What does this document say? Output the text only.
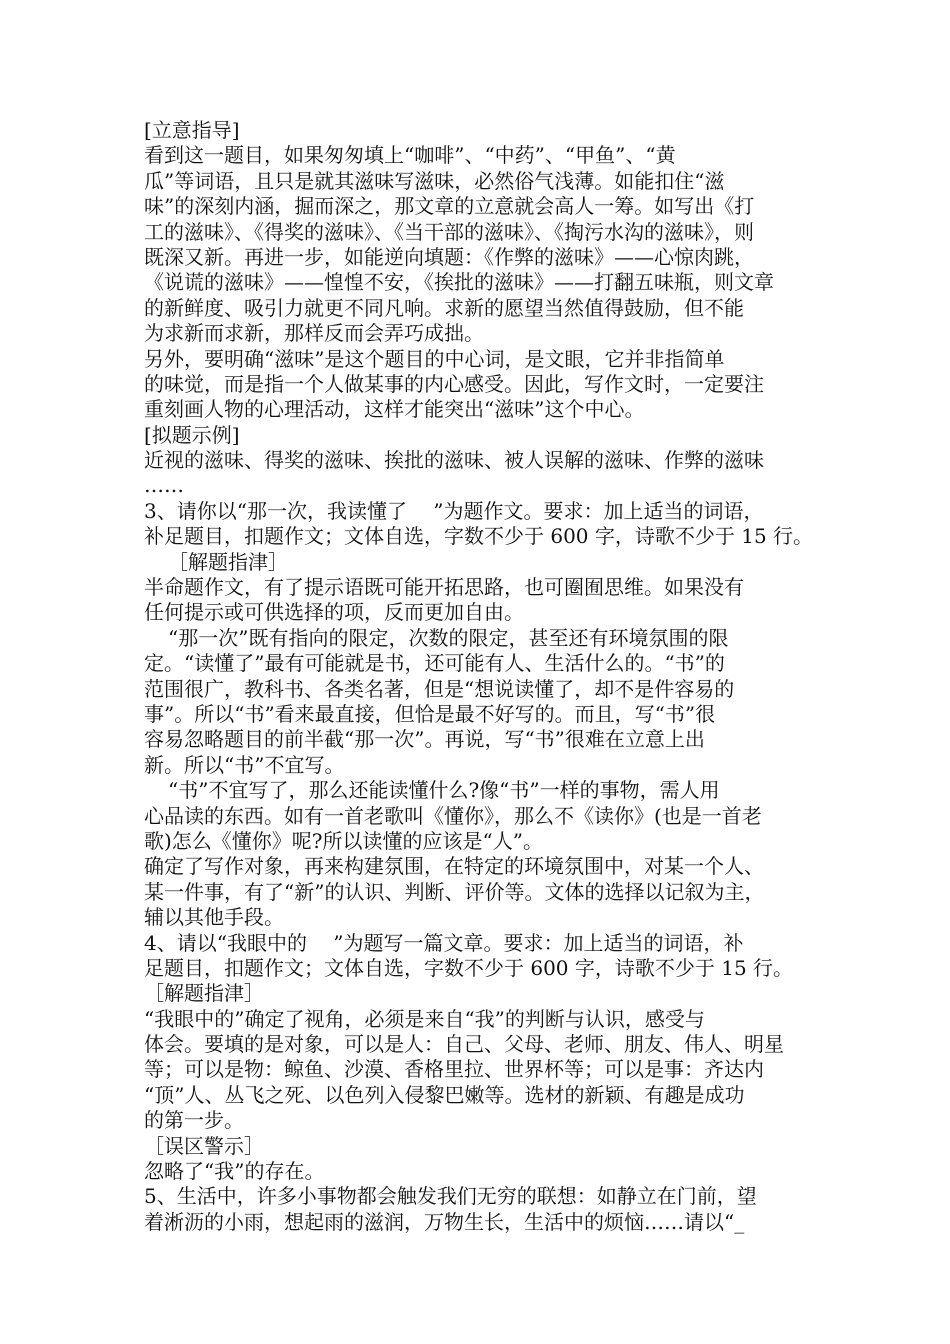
[立意指导]
看到这一题目，如果匆匆填上“咖啡”、“中药”、“甲鱼”、“黄
瓜”等词语，且只是就其滋味写滋味，必然俗气浅薄。如能扣住“滋
味”的深刻内涵，掘而深之，那文章的立意就会高人一筹。如写出《打
工的滋味》、《得奖的滋味》、《当干部的滋味》、《掏污水沟的滋味》，则
既深又新。再进一步，如能逆向填题：《作弊的滋味》——心惊肉跳，
《说谎的滋味》——惶惶不安，《挨批的滋味》——打翻五味瓶，则文章
的新鲜度、吸引力就更不同凡响。求新的愿望当然值得鼓励，但不能
为求新而求新，那样反而会弄巧成拙。
另外，要明确“滋味”是这个题目的中心词，是文眼，它并非指简单
的味觉，而是指一个人做某事的内心感受。因此，写作文时，一定要注
重刻画人物的心理活动，这样才能突出“滋味”这个中心。
[拟题示例]
近视的滋味、得奖的滋味、挨批的滋味、被人误解的滋味、作弊的滋味
……
3、请你以“那一次，我读懂了　 ”为题作文。要求：加上适当的词语，
补足题目，扣题作文；文体自选，字数不少于 600 字，诗歌不少于 15 行。
［解题指津］
半命题作文，有了提示语既可能开拓思路，也可圈囿思维。如果没有
任何提示或可供选择的项，反而更加自由。
“那一次”既有指向的限定，次数的限定，甚至还有环境氛围的限
定。“读懂了”最有可能就是书，还可能有人、生活什么的。“书”的
范围很广，教科书、各类名著，但是“想说读懂了，却不是件容易的
事”。所以“书”看来最直接，但恰是最不好写的。而且，写“书”很
容易忽略题目的前半截“那一次”。再说，写“书”很难在立意上出
新。所以“书”不宜写。
“书”不宜写了，那么还能读懂什么?像“书”一样的事物，需人用
心品读的东西。如有一首老歌叫《懂你》，那么不《读你》(也是一首老
歌)怎么《懂你》呢?所以读懂的应该是“人”。
确定了写作对象，再来构建氛围，在特定的环境氛围中，对某一个人、
某一件事，有了“新”的认识、判断、评价等。文体的选择以记叙为主，
辅以其他手段。
4、请以“我眼中的　 ”为题写一篇文章。要求：加上适当的词语，补
足题目，扣题作文；文体自选，字数不少于 600 字，诗歌不少于 15 行。
［解题指津］
“我眼中的”确定了视角，必须是来自“我”的判断与认识，感受与
体会。要填的是对象，可以是人：自己、父母、老师、朋友、伟人、明星
等；可以是物：鲸鱼、沙漠、香格里拉、世界杯等；可以是事：齐达内
“顶”人、丛飞之死、以色列入侵黎巴嫩等。选材的新颖、有趣是成功
的第一步。
［误区警示］
忽略了“我”的存在。
5、生活中，许多小事物都会触发我们无穷的联想：如静立在门前，望
着淅沥的小雨，想起雨的滋润，万物生长，生活中的烦恼……请以“_
